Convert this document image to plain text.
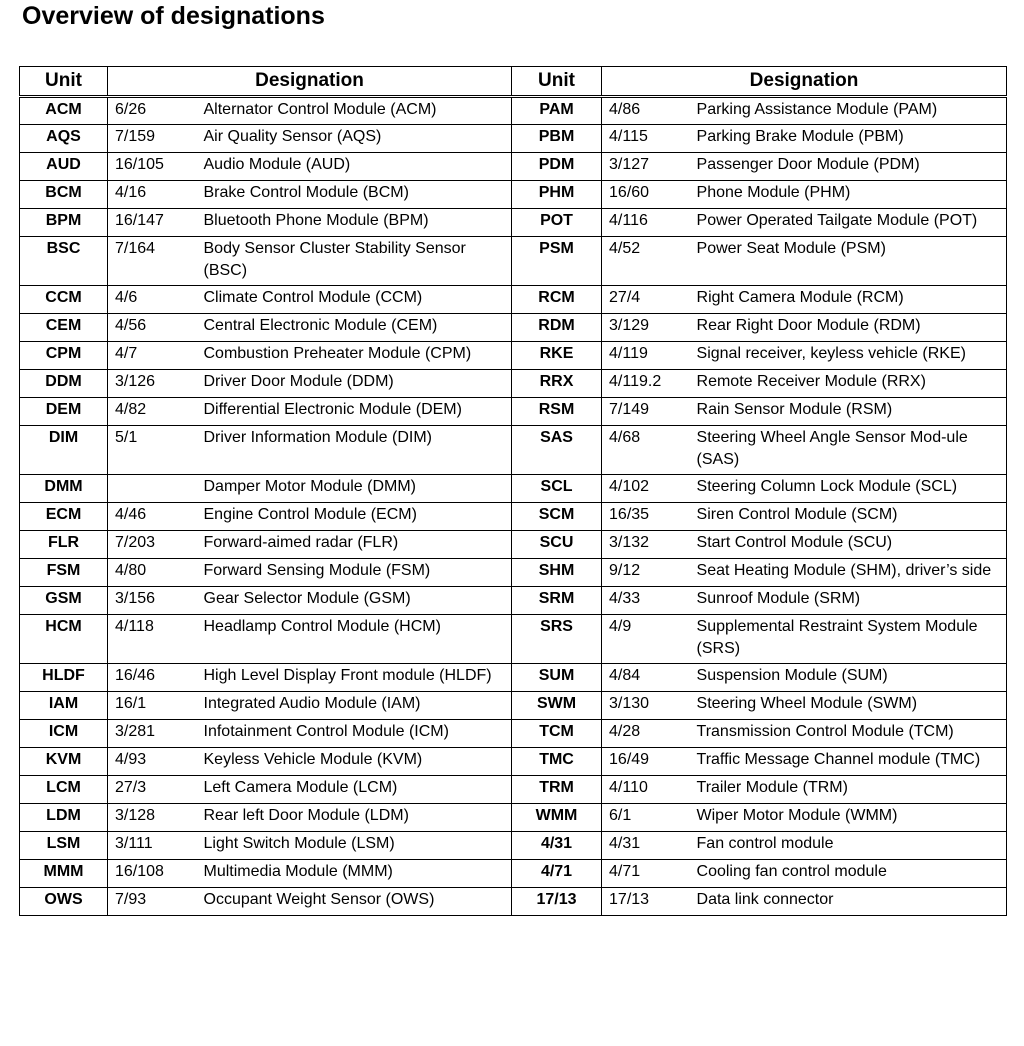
Overview of designations
Unit	Designation		Unit	Designation	
ACM	6/26	Alternator Control Module (ACM)	PAM	4/86	Parking Assistance Module (PAM)
AQS	7/159	Air Quality Sensor (AQS)	PBM	4/115	Parking Brake Module (PBM)
AUD	16/105	Audio Module (AUD)	PDM	3/127	Passenger Door Module (PDM)
BCM	4/16	Brake Control Module (BCM)	PHM	16/60	Phone Module (PHM)
BPM	16/147	Bluetooth Phone Module (BPM)	POT	4/116	Power Operated Tailgate Module (POT)
BSC	7/164	Body Sensor Cluster Stability Sensor (BSC)	PSM	4/52	Power Seat Module (PSM)
CCM	4/6	Climate Control Module (CCM)	RCM	27/4	Right Camera Module (RCM)
CEM	4/56	Central Electronic Module (CEM)	RDM	3/129	Rear Right Door Module (RDM)
CPM	4/7	Combustion Preheater Module (CPM)	RKE	4/119	Signal receiver, keyless vehicle (RKE)
DDM	3/126	Driver Door Module (DDM)	RRX	4/119.2	Remote Receiver Module (RRX)
DEM	4/82	Differential Electronic Module (DEM)	RSM	7/149	Rain Sensor Module (RSM)
DIM	5/1	Driver Information Module (DIM)	SAS	4/68	Steering Wheel Angle Sensor Mod-ule (SAS)
DMM		Damper Motor Module (DMM)	SCL	4/102	Steering Column Lock Module (SCL)
ECM	4/46	Engine Control Module (ECM)	SCM	16/35	Siren Control Module (SCM)
FLR	7/203	Forward-aimed radar (FLR)	SCU	3/132	Start Control Module (SCU)
FSM	4/80	Forward Sensing Module (FSM)	SHM	9/12	Seat Heating Module (SHM), driver’s side
GSM	3/156	Gear Selector Module (GSM)	SRM	4/33	Sunroof Module (SRM)
HCM	4/118	Headlamp Control Module (HCM)	SRS	4/9	Supplemental Restraint System Module (SRS)
HLDF	16/46	High Level Display Front module (HLDF)	SUM	4/84	Suspension Module (SUM)
IAM	16/1	Integrated Audio Module (IAM)	SWM	3/130	Steering Wheel Module (SWM)
ICM	3/281	Infotainment Control Module (ICM)	TCM	4/28	Transmission Control Module (TCM)
KVM	4/93	Keyless Vehicle Module (KVM)	TMC	16/49	Traffic Message Channel module (TMC)
LCM	27/3	Left Camera Module (LCM)	TRM	4/110	Trailer Module (TRM)
LDM	3/128	Rear left Door Module (LDM)	WMM	6/1	Wiper Motor Module (WMM)
LSM	3/111	Light Switch Module (LSM)	4/31	4/31	Fan control module
MMM	16/108	Multimedia Module (MMM)	4/71	4/71	Cooling fan control module
OWS	7/93	Occupant Weight Sensor (OWS)	17/13	17/13	Data link connector
